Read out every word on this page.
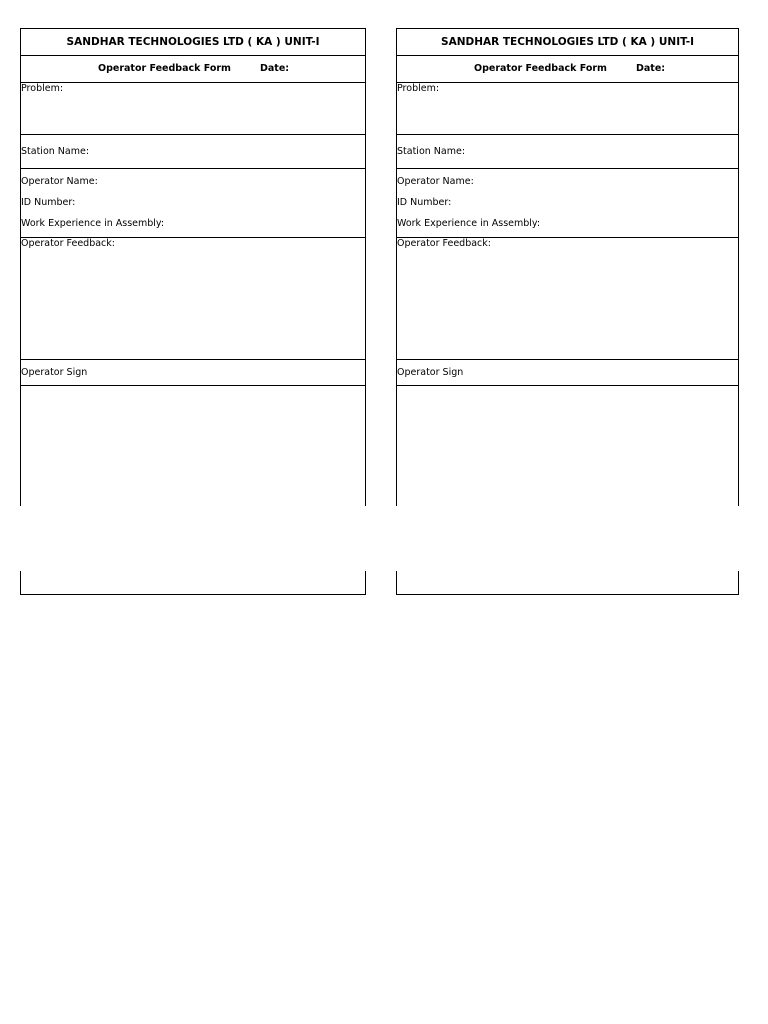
SANDHAR TECHNOLOGIES LTD ( KA ) UNIT-I
Operator Feedback Form	Date:
Problem:
Station Name:
Operator Name:
ID Number:
Work Experience in Assembly:
Operator Feedback:
Operator Sign
SANDHAR TECHNOLOGIES LTD ( KA ) UNIT-I
Operator Feedback Form	Date:
Problem:
Station Name:
Operator Name:
ID Number:
Work Experience in Assembly:
Operator Feedback:
Operator Sign
